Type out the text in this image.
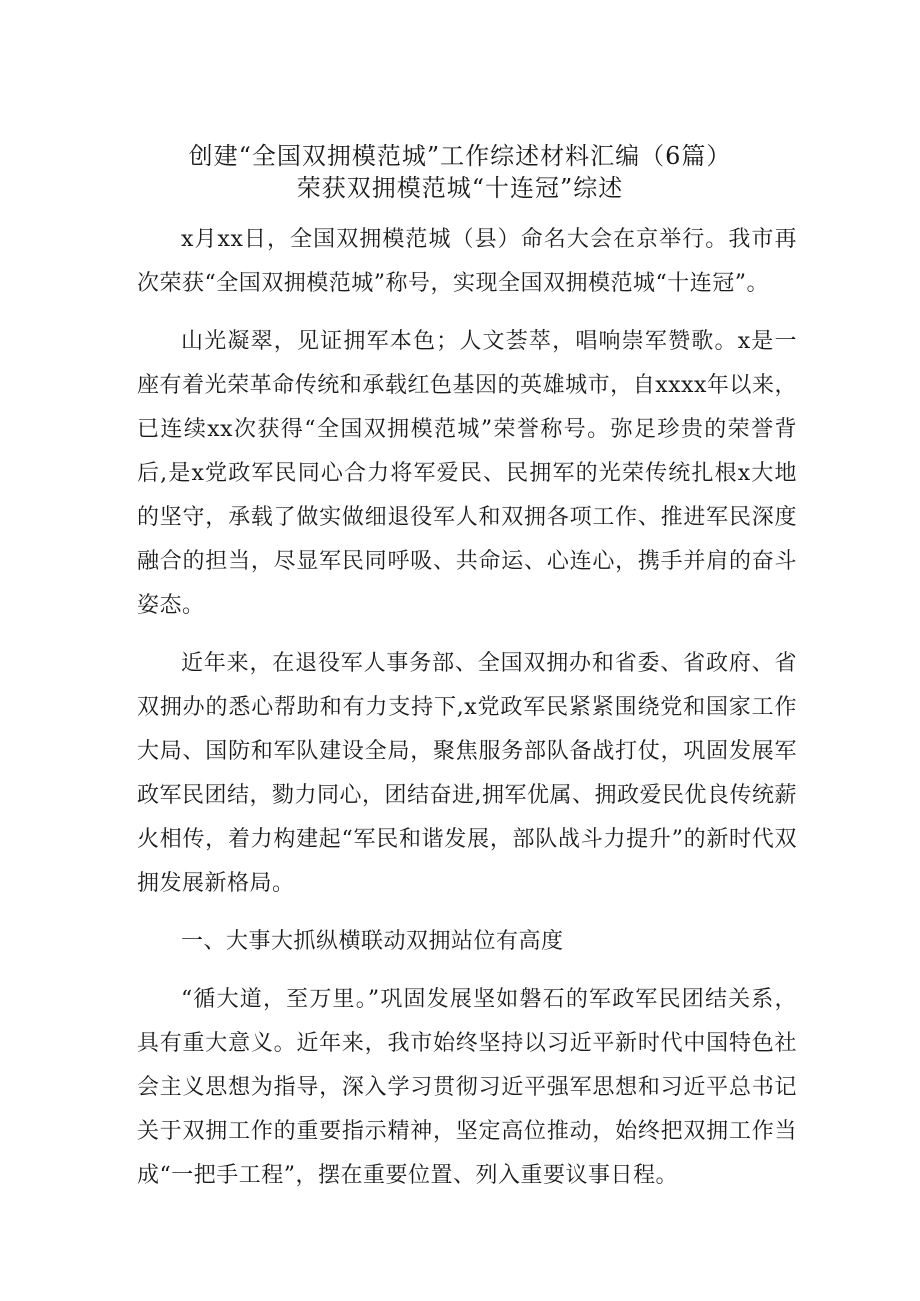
创建“全国双拥模范城”工作综述材料汇编（6篇）
荣获双拥模范城“十连冠”综述

x月xx日，全国双拥模范城（县）命名大会在京举行。我市再次荣获“全国双拥模范城”称号，实现全国双拥模范城“十连冠”。

山光凝翠，见证拥军本色；人文荟萃，唱响崇军赞歌。x是一座有着光荣革命传统和承载红色基因的英雄城市，自xxxx年以来，已连续xx次获得“全国双拥模范城”荣誉称号。弥足珍贵的荣誉背后,是x党政军民同心合力将军爱民、民拥军的光荣传统扎根x大地的坚守，承载了做实做细退役军人和双拥各项工作、推进军民深度融合的担当，尽显军民同呼吸、共命运、心连心，携手并肩的奋斗姿态。

近年来，在退役军人事务部、全国双拥办和省委、省政府、省双拥办的悉心帮助和有力支持下,x党政军民紧紧围绕党和国家工作大局、国防和军队建设全局，聚焦服务部队备战打仗，巩固发展军政军民团结，勠力同心，团结奋进,拥军优属、拥政爱民优良传统薪火相传，着力构建起“军民和谐发展，部队战斗力提升”的新时代双拥发展新格局。

一、大事大抓纵横联动双拥站位有高度

“循大道，至万里。”巩固发展坚如磐石的军政军民团结关系，具有重大意义。近年来，我市始终坚持以习近平新时代中国特色社会主义思想为指导，深入学习贯彻习近平强军思想和习近平总书记关于双拥工作的重要指示精神，坚定高位推动，始终把双拥工作当成“一把手工程”，摆在重要位置、列入重要议事日程。
